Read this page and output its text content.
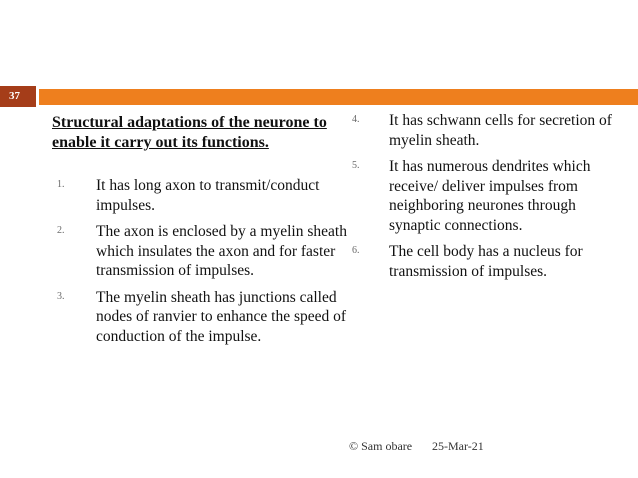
37
Structural adaptations of the neurone to enable it carry out its functions.
1. It has long axon to transmit/conduct impulses.
2. The axon is enclosed by a myelin sheath which insulates the axon and for faster transmission of impulses.
3. The myelin sheath has junctions called nodes of ranvier to enhance the speed of conduction of the impulse.
4. It has schwann cells for secretion of myelin sheath.
5. It has numerous dendrites which receive/ deliver impulses from neighboring neurones through synaptic connections.
6. The cell body has a nucleus for transmission of impulses.
© Sam obare 25-Mar-21
